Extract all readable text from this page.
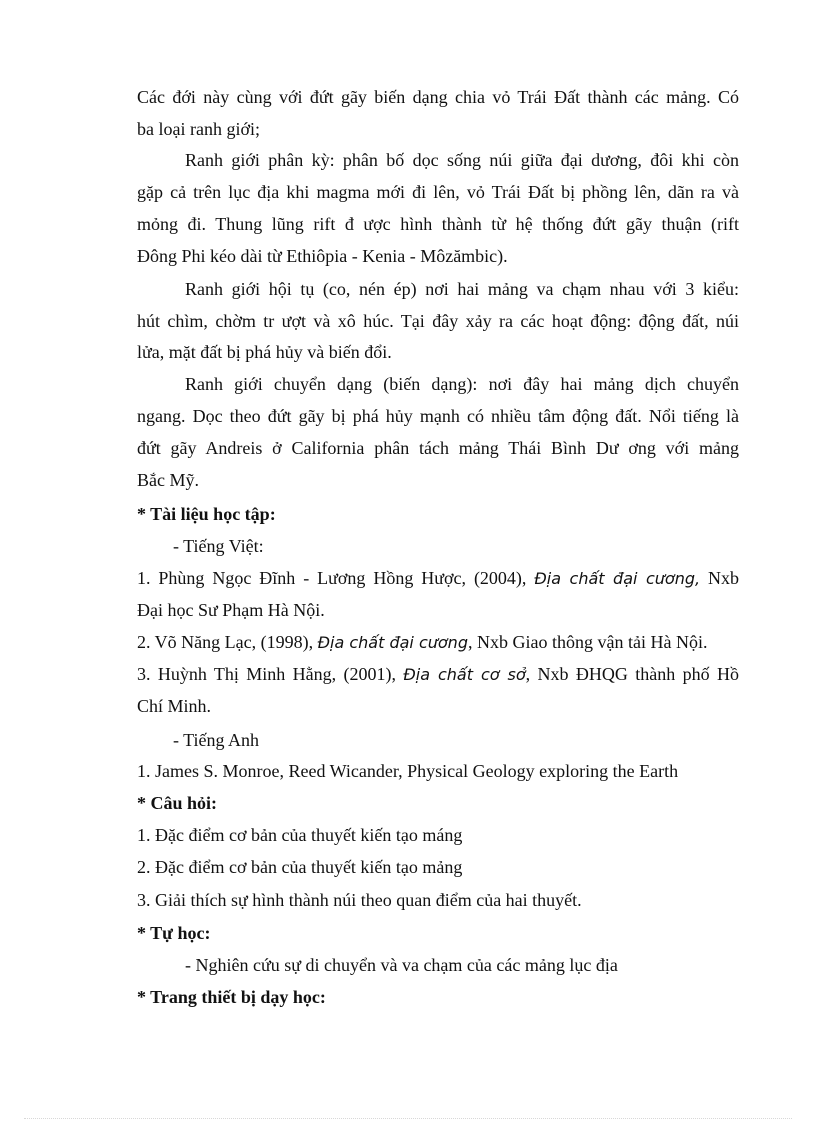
Các đới này cùng với đứt gãy biến dạng chia vỏ Trái Đất thành các mảng. Có
ba loại ranh giới;
Ranh giới phân kỳ: phân bố dọc sống núi giữa đại dương, đôi khi còn
gặp cả trên lục địa khi magma mới đi lên, vỏ Trái Đất bị phồng lên, dãn ra và
mỏng đi. Thung lũng rift đ ược hình thành từ hệ thống đứt gãy thuận (rift
Đông Phi kéo dài từ Ethiôpia - Kenia - Môzămbic).
Ranh giới hội tụ (co, nén ép) nơi hai mảng va chạm nhau với 3 kiểu:
hút chìm, chờm tr ượt và xô húc. Tại đây xảy ra các hoạt động: động đất, núi
lửa, mặt đất bị phá hủy và biến đổi.
Ranh giới chuyển dạng (biến dạng): nơi đây hai mảng dịch chuyển
ngang. Dọc theo đứt gãy bị phá hủy mạnh có nhiều tâm động đất. Nổi tiếng là
đứt gãy Andreis ở California phân tách mảng Thái Bình Dư ơng với mảng
Bắc Mỹ.
* Tài liệu học tập:
- Tiếng Việt:
1. Phùng Ngọc Đĩnh - Lương Hồng Hược, (2004), Địa chất đại cương, Nxb
Đại học Sư Phạm Hà Nội.
2. Võ Năng Lạc, (1998), Địa chất đại cương, Nxb Giao thông vận tải Hà Nội.
3. Huỳnh Thị Minh Hằng, (2001), Địa chất cơ sở, Nxb ĐHQG thành phố Hồ
Chí Minh.
- Tiếng Anh
1. James S. Monroe, Reed Wicander, Physical Geology exploring the Earth
* Câu hỏi:
1. Đặc điểm cơ bản của thuyết kiến tạo máng
2. Đặc điểm cơ bản của thuyết kiến tạo mảng
3. Giải thích sự hình thành núi theo quan điểm của hai thuyết.
* Tự học:
- Nghiên cứu sự di chuyển và va chạm của các mảng lục địa
* Trang thiết bị dạy học:
